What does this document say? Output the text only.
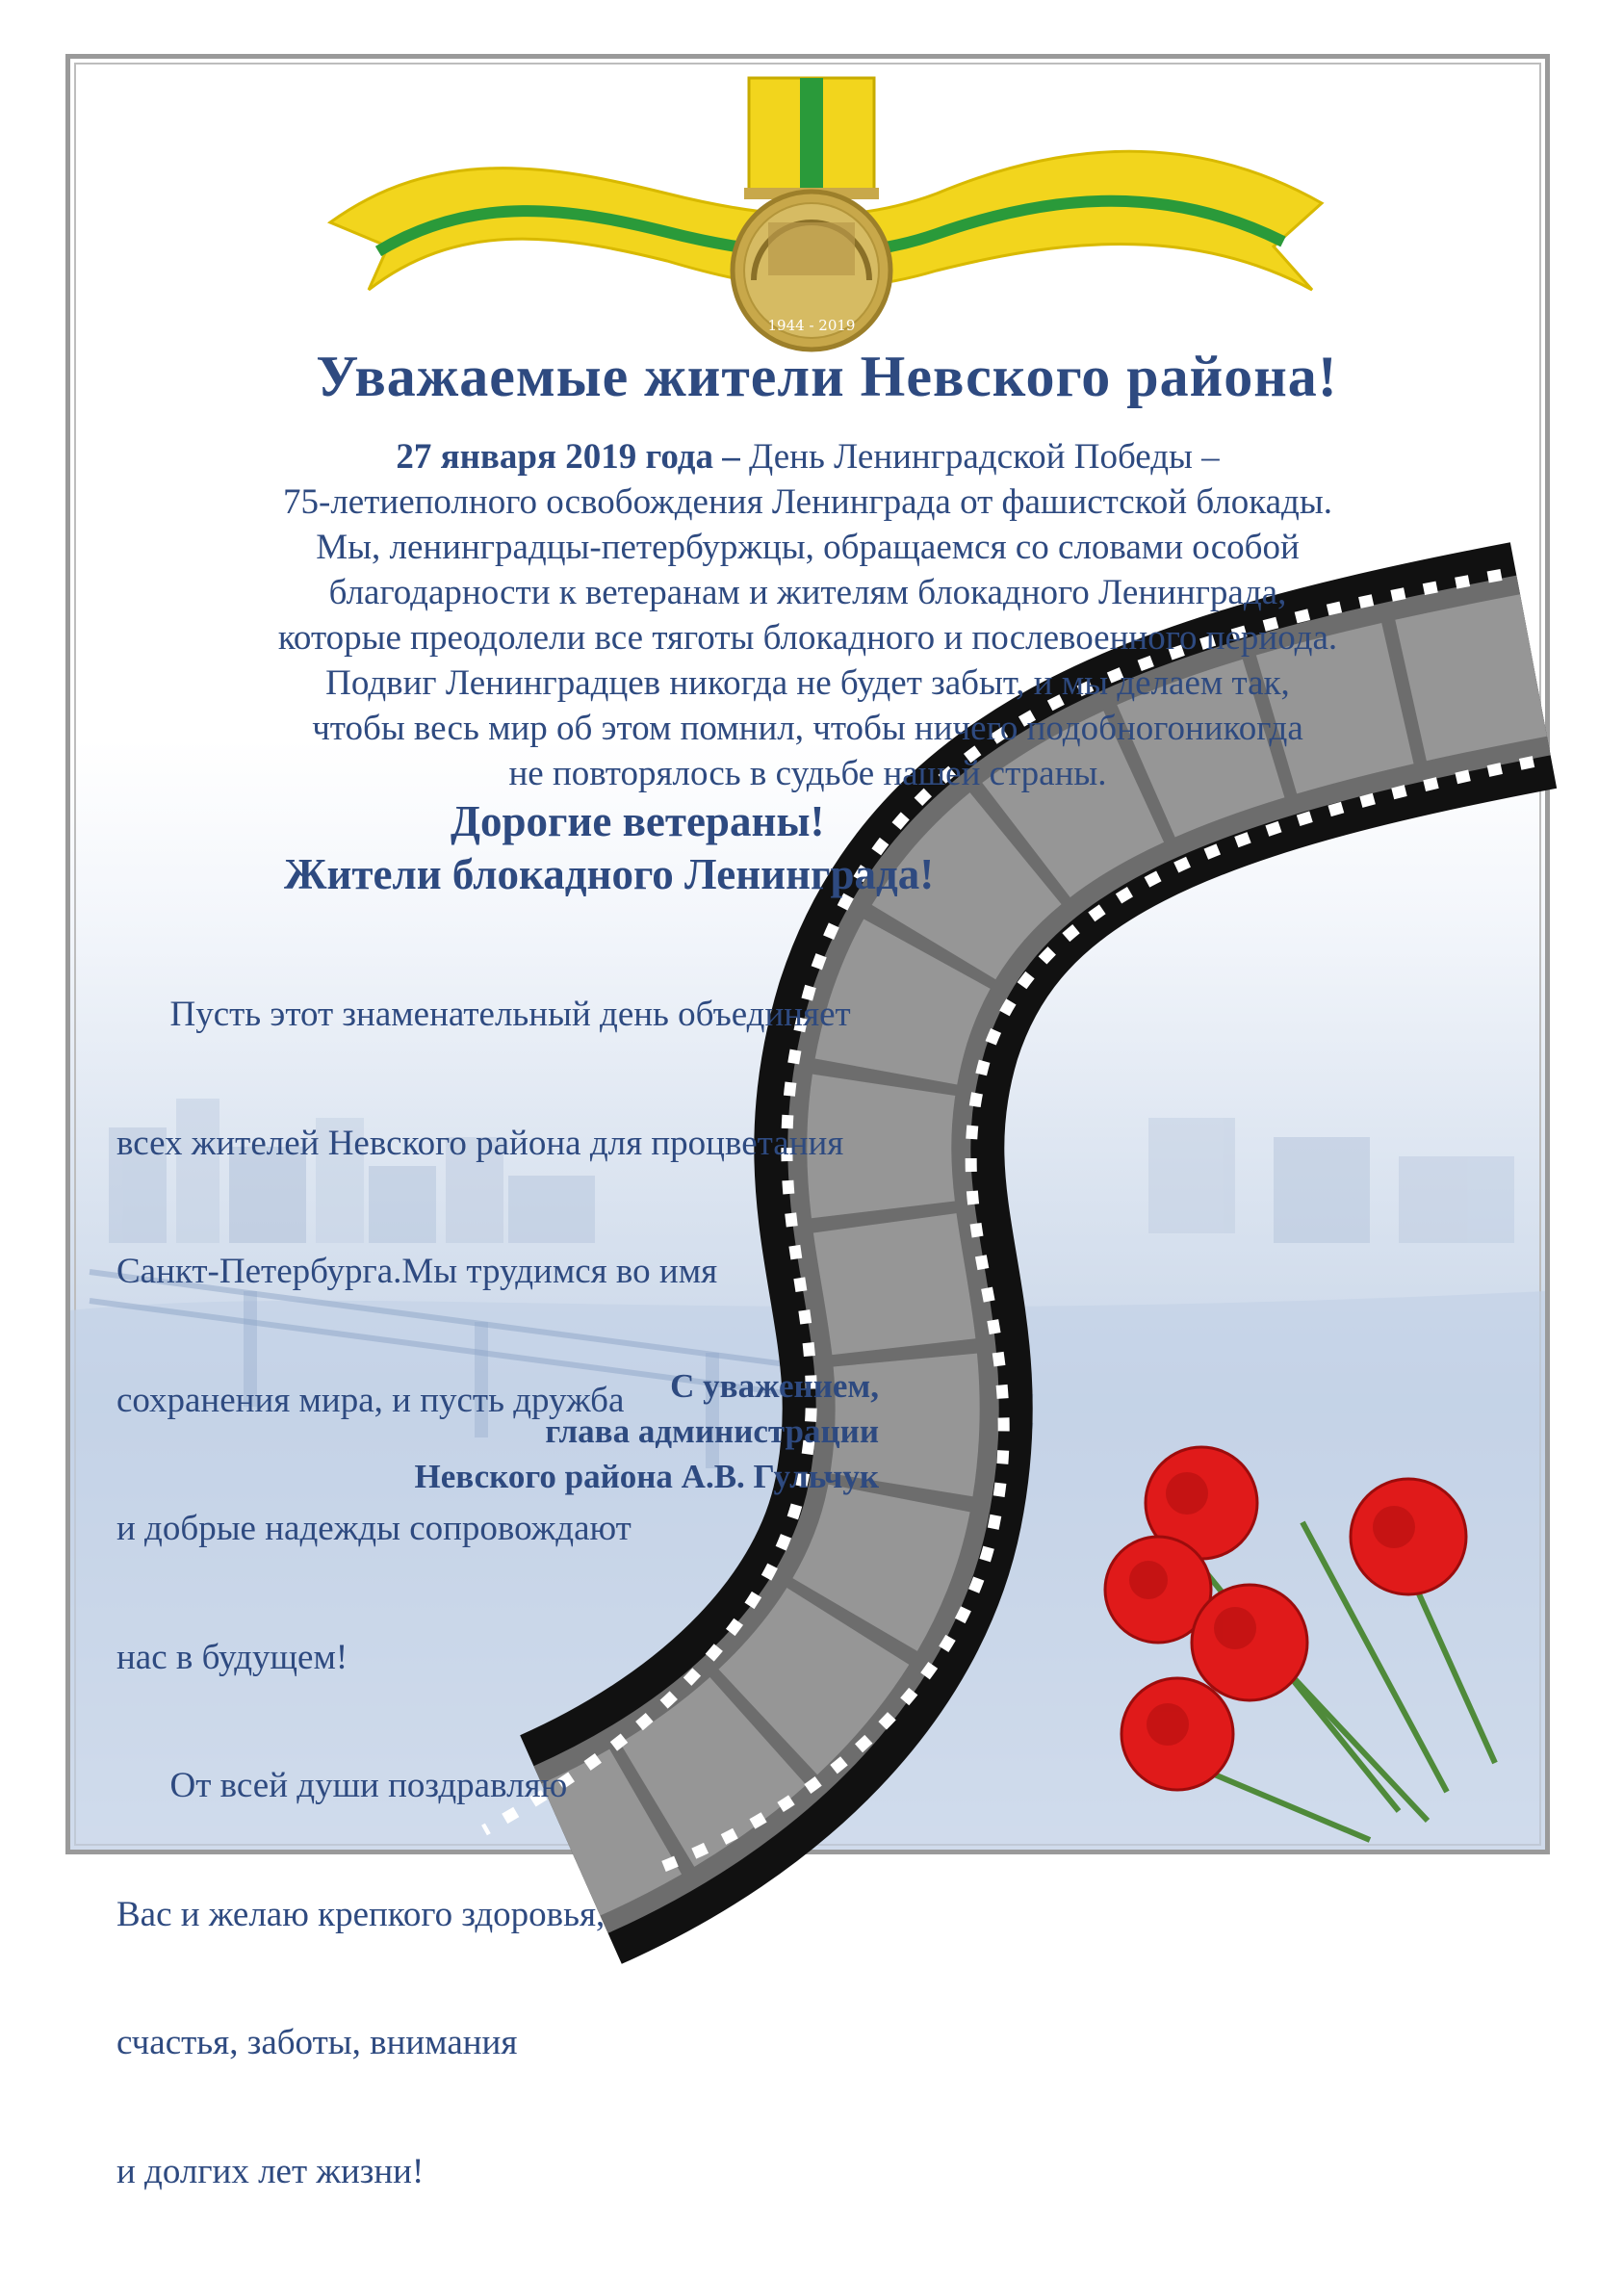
1944 - 2019
Уважаемые жители Невского района!
27 января 2019 года – День Ленинградской Победы –
75-летиеполного освобождения Ленинграда от фашистской блокады.
Мы, ленинградцы-петербуржцы, обращаемся со словами особой
благодарности к ветеранам и жителям блокадного Ленинграда,
которые преодолели все тяготы блокадного и послевоенного периода.
Подвиг Ленинградцев никогда не будет забыт, и мы делаем так,
чтобы весь мир об этом помнил, чтобы ничего подобногоникогда
не повторялось в судьбе нашей страны.
Дорогие ветераны!
Жители блокадного Ленинграда!

Пусть этот знаменательный день объединяет

всех жителей Невского района для процветания

Санкт-Петербурга.Мы трудимся во имя

сохранения мира, и пусть дружба

и добрые надежды сопровождают

нас в будущем!

От всей души поздравляю

Вас и желаю крепкого здоровья,

счастья, заботы, внимания

и долгих лет жизни!

С уважением,
глава администрации
Невского района А.В. Гульчук
